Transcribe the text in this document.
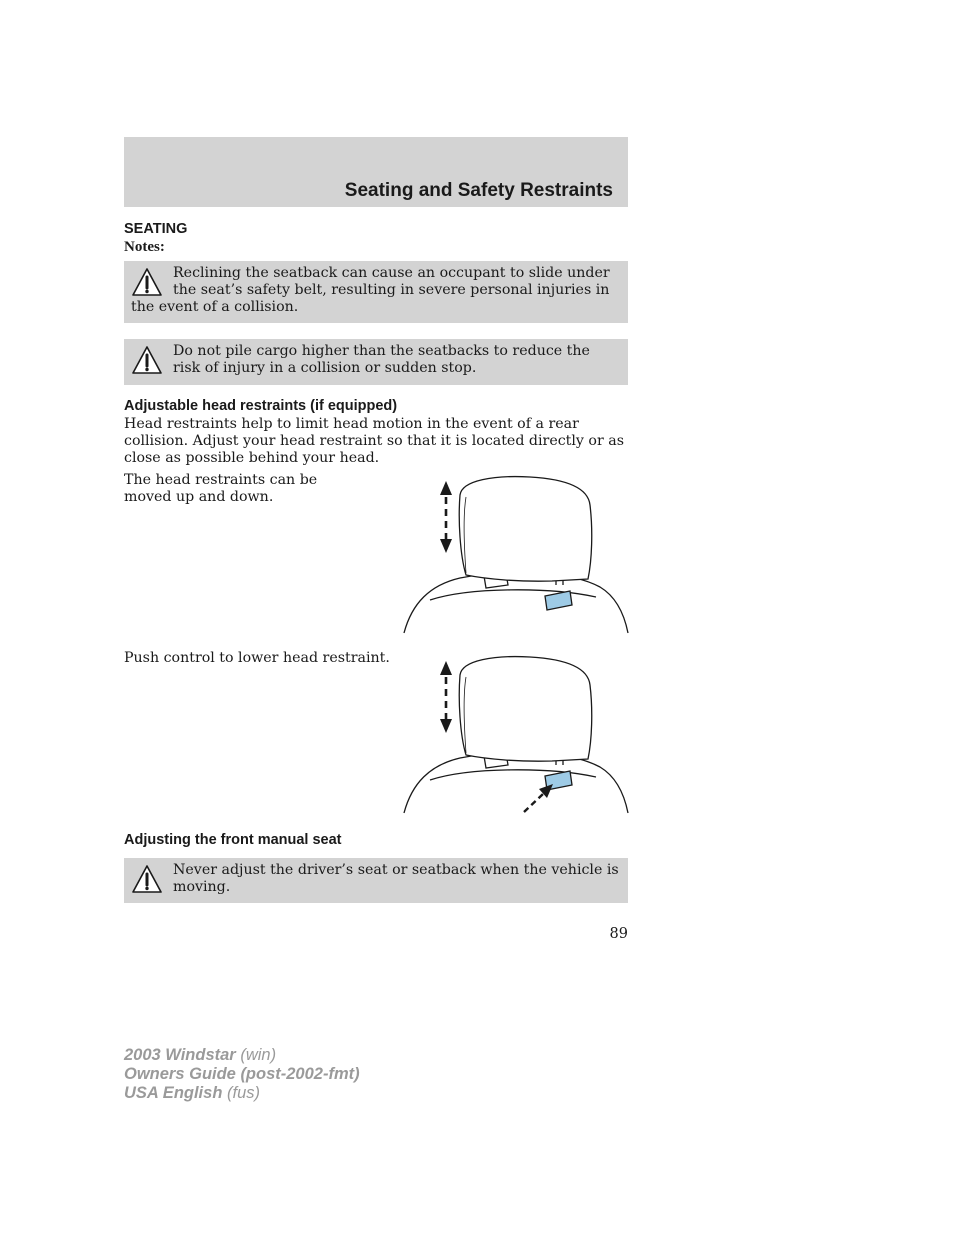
Seating and Safety Restraints
SEATING
Notes:
Reclining the seatback can cause an occupant to slide under the seat’s safety belt, resulting in severe personal injuries in the event of a collision.
Do not pile cargo higher than the seatbacks to reduce the risk of injury in a collision or sudden stop.
Adjustable head restraints (if equipped)
Head restraints help to limit head motion in the event of a rear collision. Adjust your head restraint so that it is located directly or as close as possible behind your head.
The head restraints can be moved up and down.
Push control to lower head restraint.
Adjusting the front manual seat
Never adjust the driver’s seat or seatback when the vehicle is moving.
89
2003 Windstar (win)
Owners Guide (post-2002-fmt)
USA English (fus)
